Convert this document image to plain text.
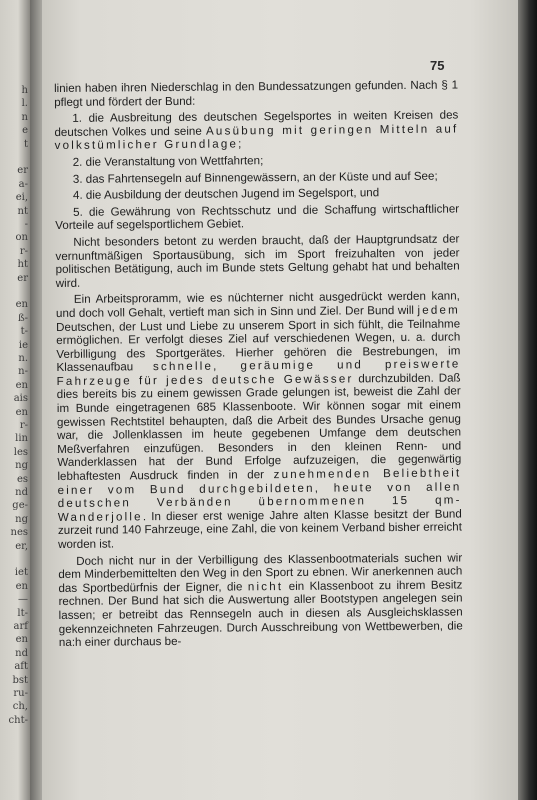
h
l.
n
e
t
er
a-
ei,
nt
-
on
r-
ht
er
en
ß-
t-
ie
n.
n-
en
ais
en
r-
lin
les
ng
es
nd
ge-
ng
nes
er,
iet
en
—
lt-
arf
en
nd
aft
bst
ru-
ch,
cht-
75

linien haben ihren Niederschlag in den Bundessatzungen gefunden. Nach § 1 pflegt und fördert der Bund:

1. die Ausbreitung des deutschen Segelsportes in weiten Kreisen des deutschen Volkes und seine Ausübung mit geringen Mitteln auf volkstümlicher Grundlage;

2. die Veranstaltung von Wettfahrten;

3. das Fahrtensegeln auf Binnengewässern, an der Küste und auf See;

4. die Ausbildung der deutschen Jugend im Segelsport, und

5. die Gewährung von Rechtsschutz und die Schaffung wirtschaftlicher Vorteile auf segelsportlichem Gebiet.

Nicht besonders betont zu werden braucht, daß der Hauptgrundsatz der vernunftmäßigen Sportausübung, sich im Sport freizuhalten von jeder politischen Betätigung, auch im Bunde stets Geltung gehabt hat und behalten wird.

Ein Arbeitsproramm, wie es nüchterner nicht ausgedrückt werden kann, und doch voll Gehalt, vertieft man sich in Sinn und Ziel. Der Bund will jedem Deutschen, der Lust und Liebe zu unserem Sport in sich fühlt, die Teilnahme ermöglichen. Er verfolgt dieses Ziel auf verschiedenen Wegen, u. a. durch Verbilligung des Sportgerätes. Hierher gehören die Bestrebungen, im Klassenaufbau schnelle, geräumige und preiswerte Fahrzeuge für jedes deutsche Gewässer durchzubilden. Daß dies bereits bis zu einem gewissen Grade gelungen ist, beweist die Zahl der im Bunde eingetragenen 685 Klassenboote. Wir können sogar mit einem gewissen Rechtstitel behaupten, daß die Arbeit des Bundes Ursache genug war, die Jollenklassen im heute gegebenen Umfange dem deutschen Meßverfahren einzufügen. Besonders in den kleinen Renn- und Wanderklassen hat der Bund Erfolge aufzuzeigen, die gegenwärtig lebhaftesten Ausdruck finden in der zunehmenden Beliebtheit einer vom Bund durchgebildeten, heute von allen deutschen Verbänden übernommenen 15 qm-Wanderjolle. In dieser erst wenige Jahre alten Klasse besitzt der Bund zurzeit rund 140 Fahrzeuge, eine Zahl, die von keinem Verband bisher erreicht worden ist.

Doch nicht nur in der Verbilligung des Klassenbootmaterials suchen wir dem Minderbemittelten den Weg in den Sport zu ebnen. Wir anerkennen auch das Sportbedürfnis der Eigner, die nicht ein Klassenboot zu ihrem Besitz rechnen. Der Bund hat sich die Auswertung aller Bootstypen angelegen sein lassen; er betreibt das Rennsegeln auch in diesen als Ausgleichsklassen gekennzeichneten Fahrzeugen. Durch Ausschreibung von Wettbewerben, die na:h einer durchaus be-
